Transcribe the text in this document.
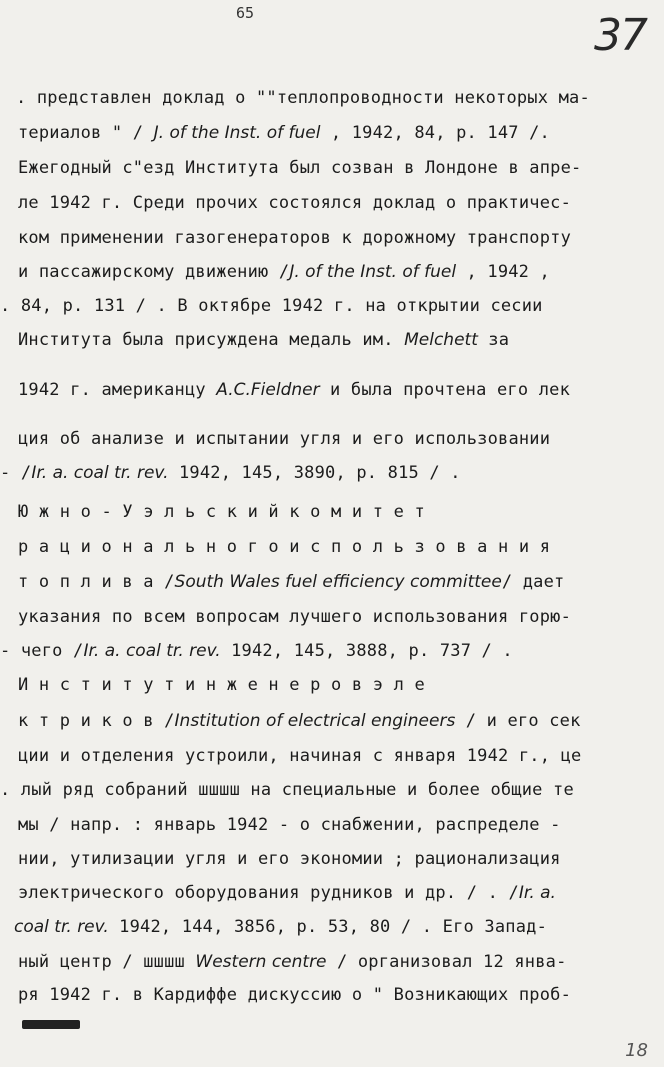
65	37
. представлен доклад о ""теплопроводности некоторых ма-
териалов " / J. of the Inst. of fuel , 1942, 84, р. 147 /.
Ежегодный с"езд Института был созван в Лондоне в апре-
ле 1942 г. Среди прочих состоялся доклад о практичес-
ком применении газогенераторов к дорожному транспорту
и пассажирскому движению /J. of the Inst. of fuel , 1942 ,
. 84, р. 131 / . В октябре 1942 г. на открытии сесии
Института была присуждена медаль им. Melchett за
1942 г. американцу A.C.Fieldner и была прочтена его лек
ция об анализе и испытании угля и его использовании
- /Ir. a. coal tr. rev. 1942, 145, 3890, р. 815 / .
Ю ж н о - У э л ь с к и й к о м и т е т
р а ц и о н а л ь н о г о и с п о л ь з о в а н и я
т о п л и в а /South Wales fuel efficiency committee/ дает
указания по всем вопросам лучшего использования горю-
- чего /Ir. a. coal tr. rev. 1942, 145, 3888, р. 737 / .
И н с т и т у т и н ж е н е р о в э л е
к т р и к о в /Institution of electrical engineers / и его сек
ции и отделения устроили, начиная с января 1942 г., це
. лый ряд собраний шшшш на специальные и более общие те
мы / напр. : январь 1942 - о снабжении, распределе -
нии, утилизации угля и его экономии ; рационализация
электрического оборудования рудников и др. / . /Ir. a.
coal tr. rev. 1942, 144, 3856, р. 53, 80 / . Его Запад-
ный центр / шшшш Western centre / организовал 12 янва-
ря 1942 г. в Кардиффе дискуссию о " Возникающих проб-
18
